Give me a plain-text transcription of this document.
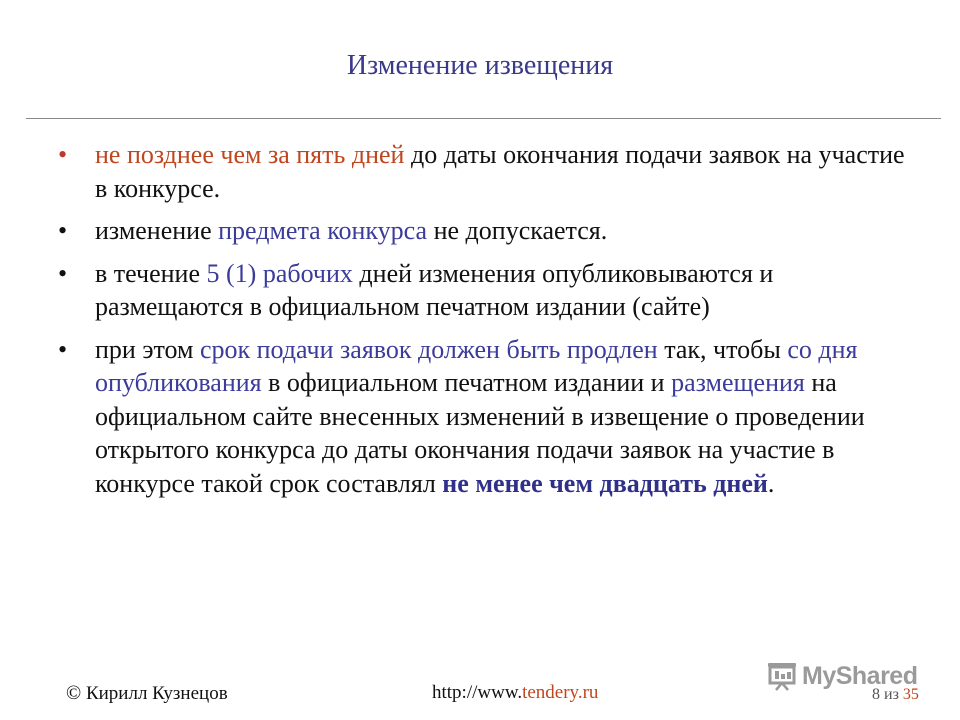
Изменение извещения
• не позднее чем за пять дней до даты окончания подачи заявок на участие в конкурсе.
• изменение предмета конкурса не допускается.
• в течение 5 (1) рабочих дней изменения опубликовываются и размещаются в официальном печатном издании (сайте)
• при этом срок подачи заявок должен быть продлен так, чтобы со дня опубликования в официальном печатном издании и размещения на официальном сайте внесенных изменений в извещение о проведении открытого конкурса до даты окончания подачи заявок на участие в конкурсе такой срок составлял не менее чем двадцать дней.
© Кирилл Кузнецов	http://www.tendery.ru	8 из 35
MyShared
